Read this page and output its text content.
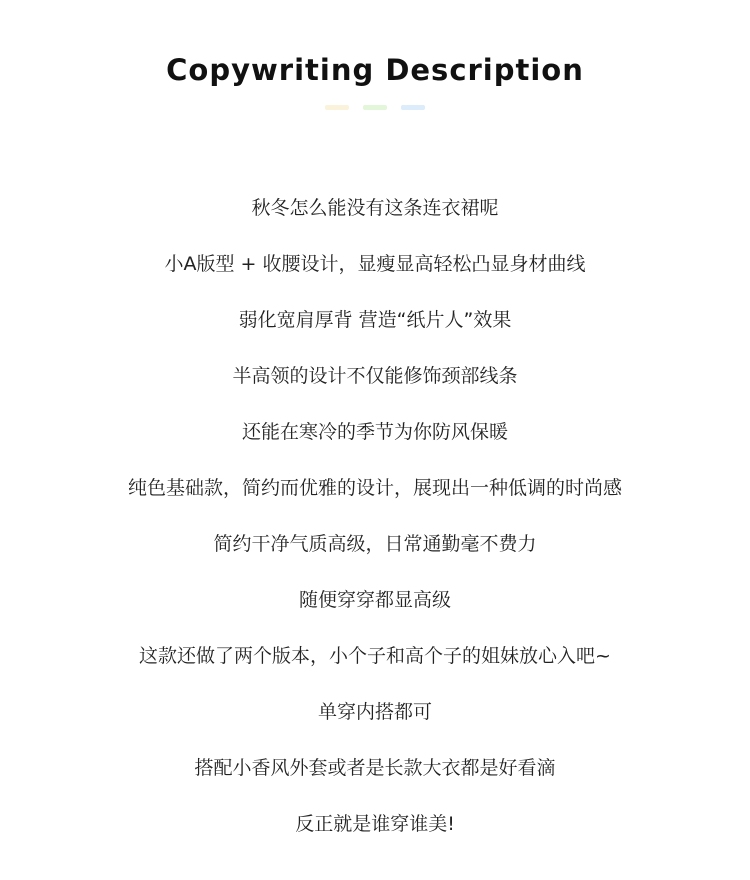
Copywriting Description
秋冬怎么能没有这条连衣裙呢
小A版型 + 收腰设计，显瘦显高轻松凸显身材曲线
弱化宽肩厚背 营造“纸片人”效果
半高领的设计不仅能修饰颈部线条
还能在寒冷的季节为你防风保暖
纯色基础款，简约而优雅的设计，展现出一种低调的时尚感
简约干净气质高级，日常通勤毫不费力
随便穿穿都显高级
这款还做了两个版本，小个子和高个子的姐妹放心入吧~
单穿内搭都可
搭配小香风外套或者是长款大衣都是好看滴
反正就是谁穿谁美!
